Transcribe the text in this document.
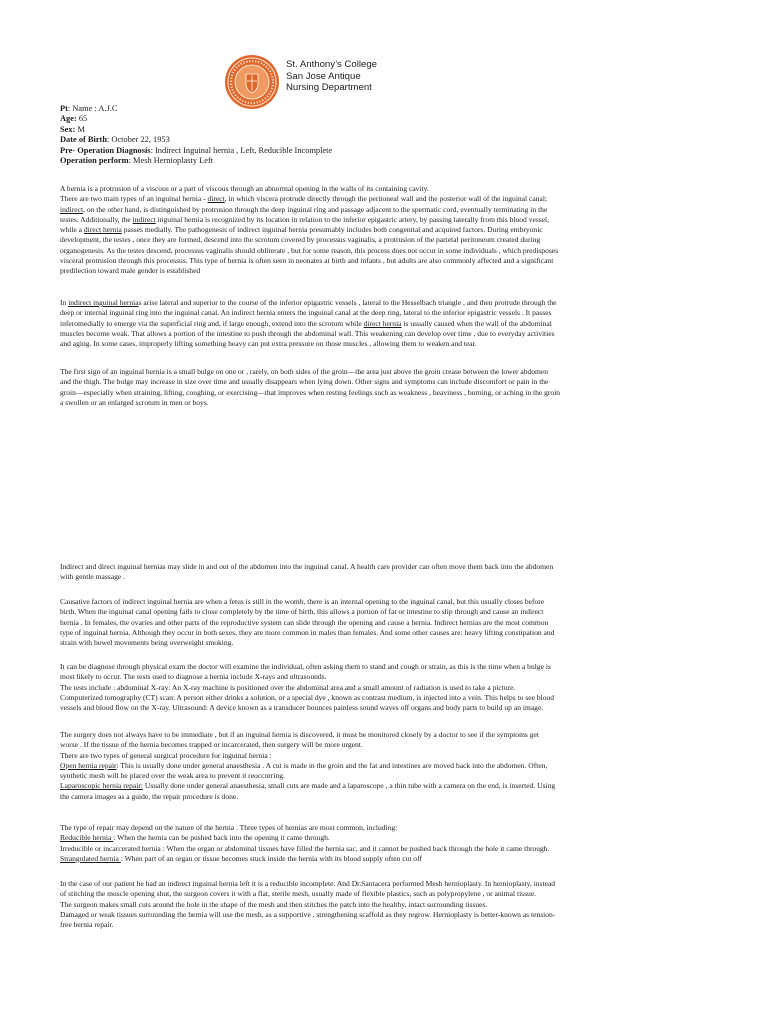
St. Anthony’s College
San Jose Antique
Nursing Department
Pt: Name : A.J.C
Age: 65
Sex: M
Date of Birth: October 22, 1953
Pre- Operation Diagnosis: Indirect Inguinal hernia , Left, Reducible Incomplete
Operation perform: Mesh Hernioplasty Left

A hernia is a protrusion of a viscous or a part of viscous through an abnormal opening in the walls of its containing cavity.

There are two main types of an inguinal hernia - direct, in which viscera protrude directly through the peritoneal wall and the posterior wall of the inguinal canal;

indirect, on the other hand, is distinguished by protrusion through the deep inguinal ring and passage adjacent to the spermatic cord, eventually terminating in the

testes. Additionally, the indirect inguinal hernia is recognized by its location in relation to the inferior epigastric artery, by passing laterally from this blood vessel,

while a direct hernia passes medially. The pathogenesis of indirect inguinal hernia presumably includes both congenital and acquired factors. During embryonic

development, the testes , once they are formed, descend into the scrotum covered by processus vaginalis, a protrusion of the parietal peritoneum created during

organogenesis. As the testes descend, processus vaginalis should obliterate , but for some reason, this process does not occur in some individuals , which predisposes

visceral protrusion through this processus. This type of hernia is often seen in neonates at birth and infants , but adults are also commonly affected and a significant

predilection toward male gender is established

In indirect inguinal hernias arise lateral and superior to the course of the inferior epigastric vessels , lateral to the Hesselbach triangle , and then protrude through the

deep or internal inguinal ring into the inguinal canal. An indirect hernia enters the inguinal canal at the deep ring, lateral to the inferior epigastric vessels . It passes

inferomedially to emerge via the superficial ring and, if large enough, extend into the scrotum while direct hernia is usually caused when the wall of the abdominal

muscles become weak. That allows a portion of the intestine to push through the abdominal wall. This weakening can develop over time , due to everyday activities

and aging. In some cases, improperly lifting something heavy can put extra pressure on those muscles , allowing them to weaken and tear.

The first sign of an inguinal hernia is a small bulge on one or , rarely, on both sides of the groin—the area just above the groin crease between the lower abdomen

and the thigh. The bulge may increase in size over time and usually disappears when lying down. Other signs and symptoms can include discomfort or pain in the

groin—especially when straining, lifting, coughing, or exercising—that improves when resting feelings such as weakness , heaviness , burning, or aching in the groin

a swollen or an enlarged scrotum in men or boys.

Indirect and direct inguinal hernias may slide in and out of the abdomen into the inguinal canal. A health care provider can often move them back into the abdomen

with gentle massage .

Causative factors of indirect inguinal hernia are when a fetus is still in the womb, there is an internal opening to the inguinal canal, but this usually closes before

birth. When the inguinal canal opening fails to close completely by the time of birth, this allows a portion of fat or intestine to slip through and cause an indirect

hernia . In females, the ovaries and other parts of the reproductive system can slide through the opening and cause a hernia. Indirect hernias are the most common

type of inguinal hernia. Although they occur in both sexes, they are more common in males than females. And some other causes are: heavy lifting constipation and

strain with bowel movements being overweight smoking.

It can be diagnose through physical exam the doctor will examine the individual, often asking them to stand and cough or strain, as this is the time when a bulge is

most likely to occur. The tests used to diagnose a hernia include X-rays and ultrasounds.

The tests include : abdominal X-ray: An X-ray machine is positioned over the abdominal area and a small amount of radiation is used to take a picture.

Computerized tomography (CT) scan: A person either drinks a solution, or a special dye , known as contrast medium, is injected into a vein. This helps to see blood

vessels and blood flow on the X-ray. Ultrasound: A device known as a transducer bounces painless sound waves off organs and body parts to build up an image.

The surgery does not always have to be immediate , but if an inguinal hernia is discovered, it must be monitored closely by a doctor to see if the symptoms get

worse . If the tissue of the hernia becomes trapped or incarcerated, then surgery will be more urgent.

There are two types of general surgical procedure for inguinal hernia :

Open hernia repair: This is usually done under general anaesthesia . A cut is made in the groin and the fat and intestines are moved back into the abdomen. Often,

synthetic mesh will be placed over the weak area to prevent it reoccurring.

Laparoscopic hernia repair: Usually done under general anaesthesia, small cuts are made and a laparoscope , a thin tube with a camera on the end, is inserted. Using

the camera images as a guide, the repair procedure is done.

The type of repair may depend on the nature of the hernia . Three types of hernias are most common, including:

Reducible hernia : When the hernia can be pushed back into the opening it came through.

Irreducible or incarcerated hernia : When the organ or abdominal tissues have filled the hernia sac, and it cannot be pushed back through the hole it came through.

Strangulated hernia : When part of an organ or tissue becomes stuck inside the hernia with its blood supply often cut off

In the case of our patient he had an indirect inguinal hernia left it is a reducible incomplete. And Dr.Santacera performed Mesh hernioplasty. In hernioplasty, instead

of stitching the muscle opening shut, the surgeon covers it with a flat, sterile mesh, usually made of flexible plastics, such as polypropylene , or animal tissue.

The surgeon makes small cuts around the hole in the shape of the mesh and then stitches the patch into the healthy, intact surrounding tissues.

Damaged or weak tissues surrounding the hernia will use the mesh, as a supportive , strengthening scaffold as they regrow. Hernioplasty is better-known as tension-

free hernia repair.
